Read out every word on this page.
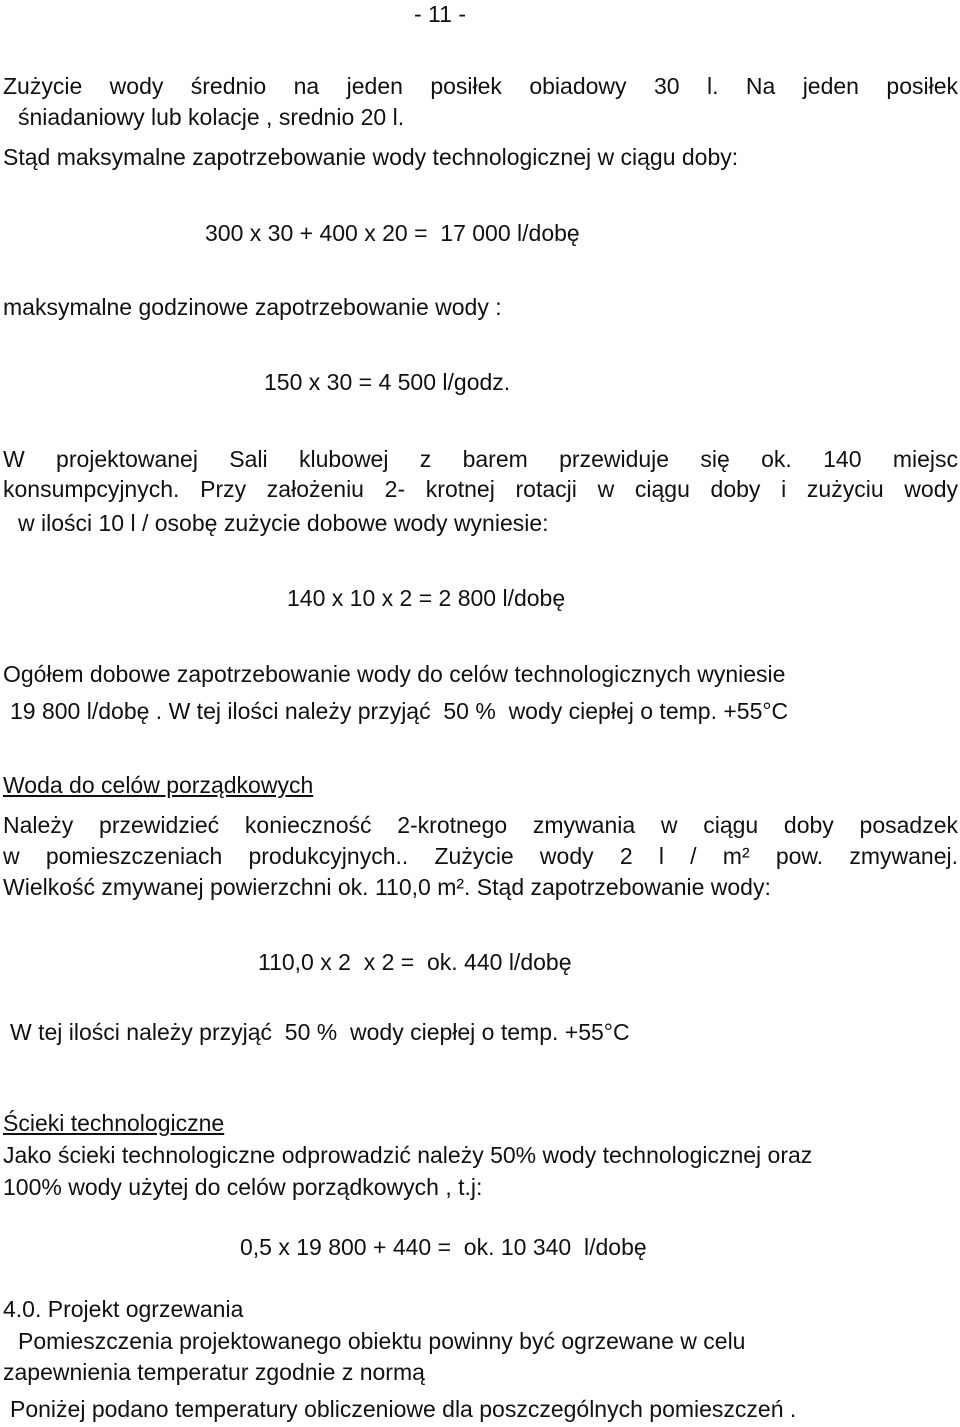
- 11 -
Zużycie wody średnio na jeden posiłek obiadowy 30 l. Na jeden posiłek
śniadaniowy lub kolacje , srednio 20 l.
Stąd maksymalne zapotrzebowanie wody technologicznej w ciągu doby:
300 x 30 + 400 x 20 =  17 000 l/dobę
maksymalne godzinowe zapotrzebowanie wody :
150 x 30 = 4 500 l/godz.
W projektowanej Sali klubowej z barem przewiduje się ok. 140 miejsc
konsumpcyjnych. Przy założeniu 2- krotnej rotacji w ciągu doby i zużyciu wody
w ilości 10 l / osobę zużycie dobowe wody wyniesie:
140 x 10 x 2 = 2 800 l/dobę
Ogółem dobowe zapotrzebowanie wody do celów technologicznych wyniesie
19 800 l/dobę . W tej ilości należy przyjąć  50 %  wody ciepłej o temp. +55°C
Woda do celów porządkowych
Należy przewidzieć konieczność 2-krotnego zmywania w ciągu doby posadzek
w pomieszczeniach produkcyjnych.. Zużycie wody 2 l / m² pow. zmywanej.
Wielkość zmywanej powierzchni ok. 110,0 m². Stąd zapotrzebowanie wody:
110,0 x 2  x 2 =  ok. 440 l/dobę
W tej ilości należy przyjąć  50 %  wody ciepłej o temp. +55°C
Ścieki technologiczne
Jako ścieki technologiczne odprowadzić należy 50% wody technologicznej oraz
100% wody użytej do celów porządkowych , t.j:
0,5 x 19 800 + 440 =  ok. 10 340  l/dobę
4.0. Projekt ogrzewania
Pomieszczenia projektowanego obiektu powinny być ogrzewane w celu
zapewnienia temperatur zgodnie z normą
Poniżej podano temperatury obliczeniowe dla poszczególnych pomieszczeń .
